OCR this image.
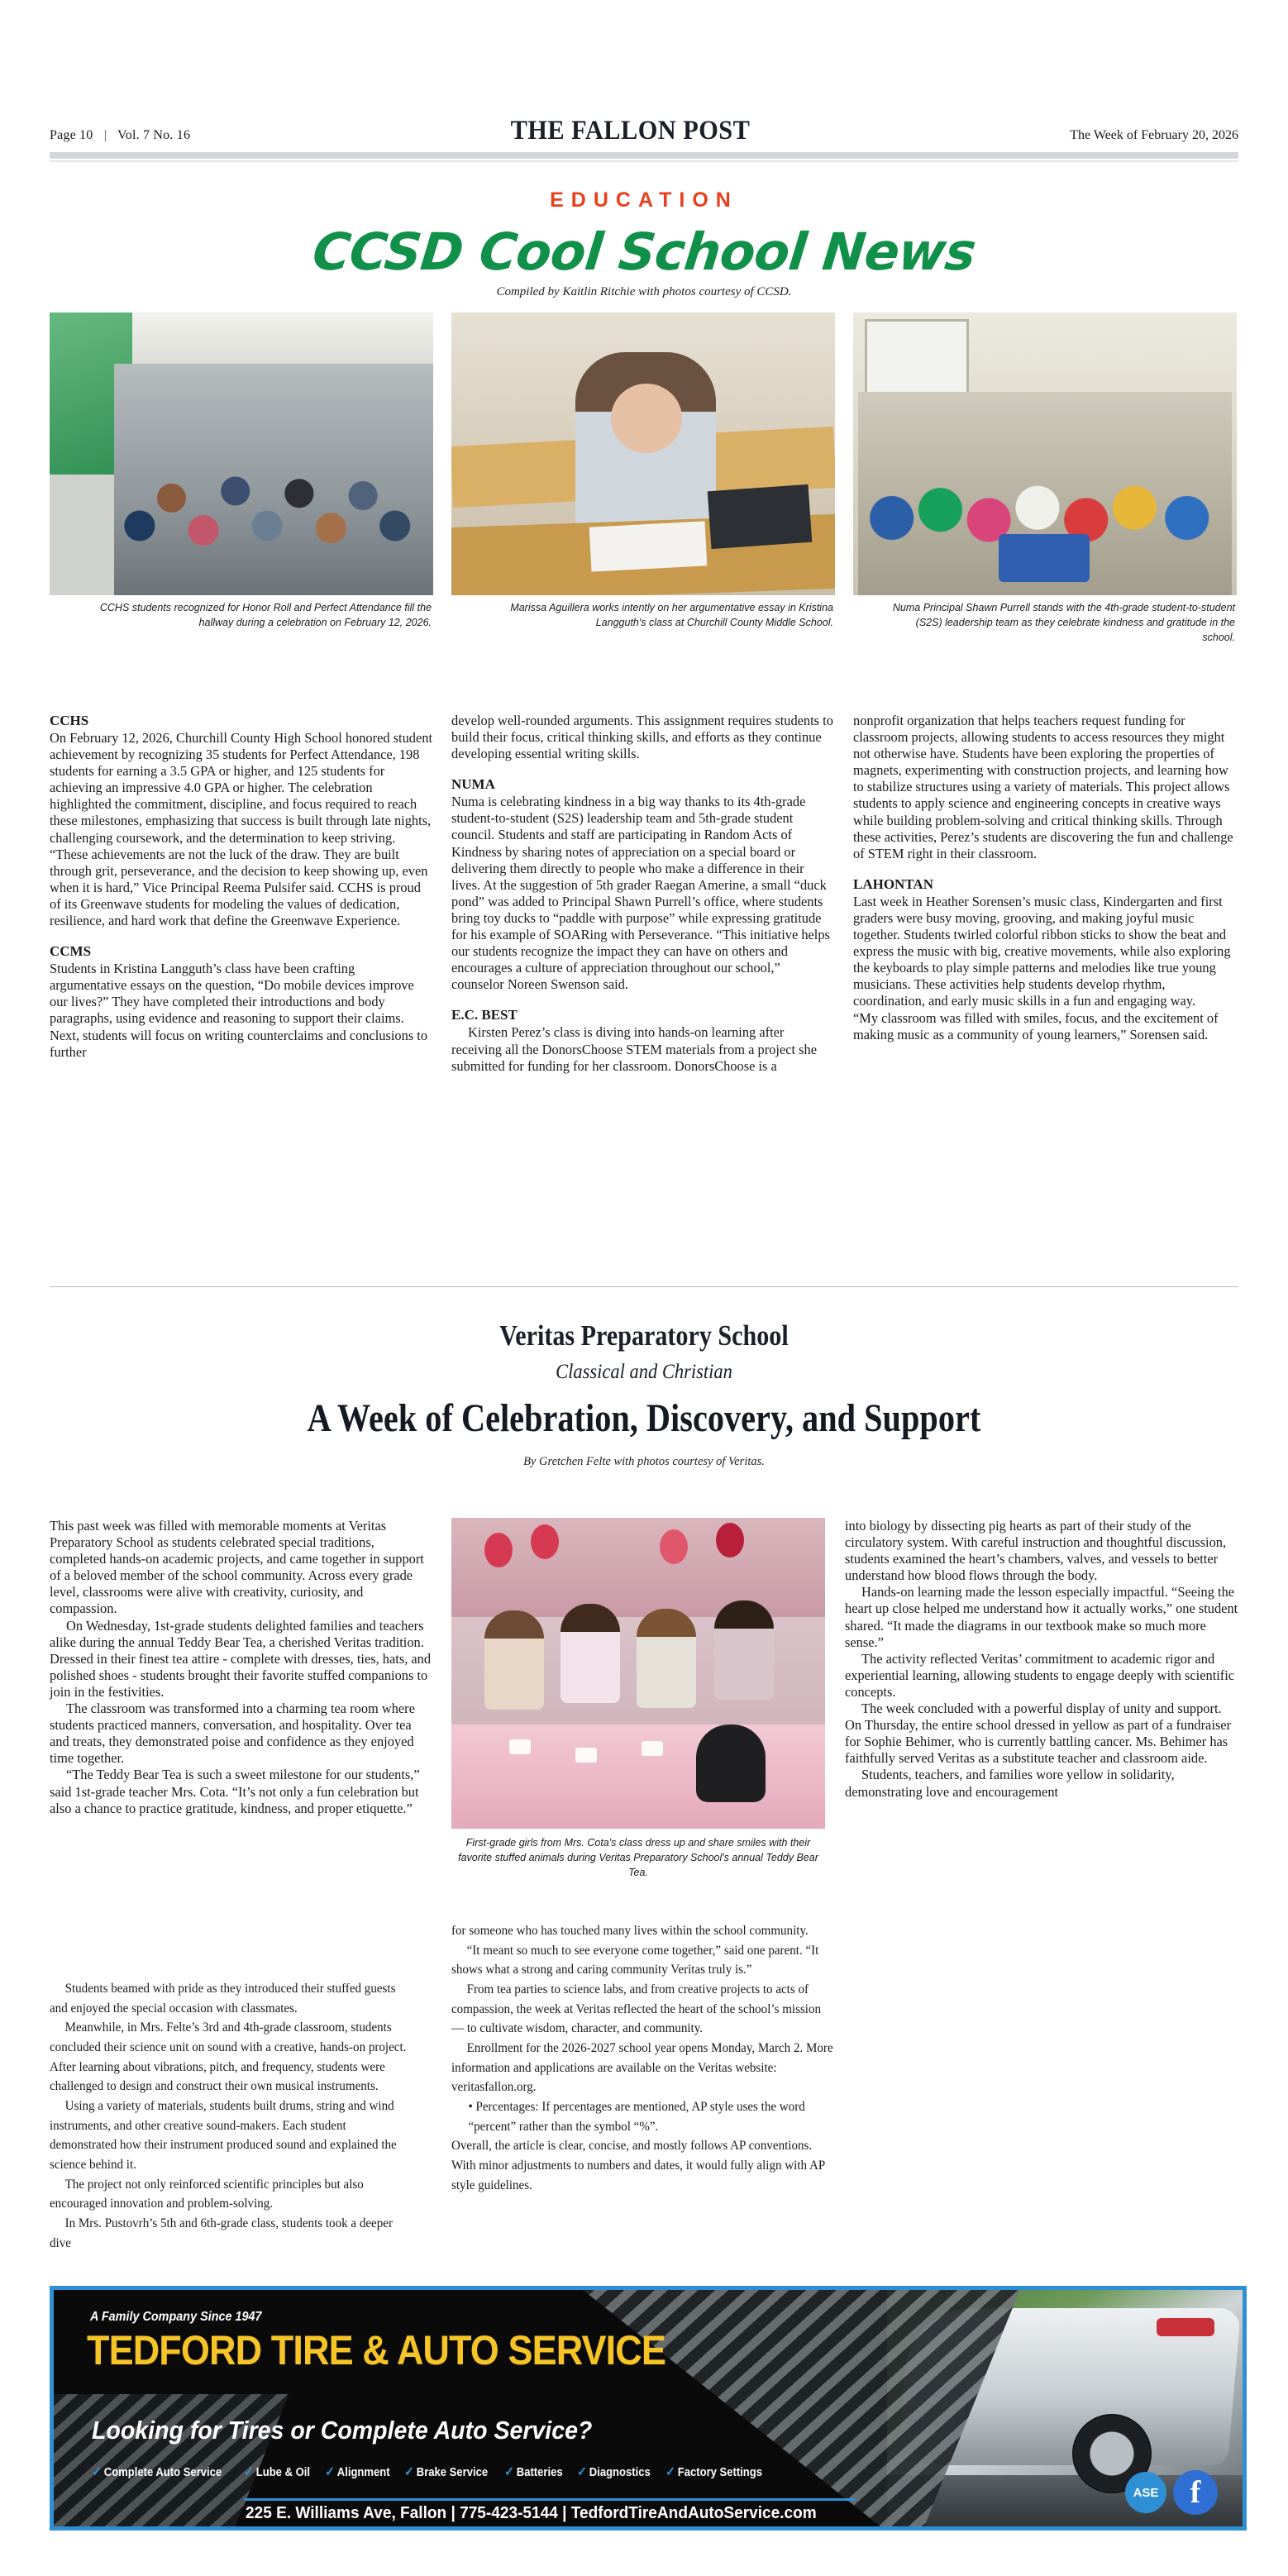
Page 10 | Vol. 7 No. 16	THE FALLON POST	The Week of February 20, 2026
EDUCATION
CCSD Cool School News
Compiled by Kaitlin Ritchie with photos courtesy of CCSD.
CCHS students recognized for Honor Roll and Perfect Attendance fill the hallway during a celebration on February 12, 2026.
Marissa Aguillera works intently on her argumentative essay in Kristina Langguth's class at Churchill County Middle School.
Numa Principal Shawn Purrell stands with the 4th-grade student-to-student (S2S) leadership team as they celebrate kindness and gratitude in the school.
CCHS

On February 12, 2026, Churchill County High School honored student achievement by recognizing 35 students for Perfect Attendance, 198 students for earning a 3.5 GPA or higher, and 125 students for achieving an impressive 4.0 GPA or higher. The celebration highlighted the commitment, discipline, and focus required to reach these milestones, emphasizing that success is built through late nights, challenging coursework, and the determination to keep striving. “These achievements are not the luck of the draw. They are built through grit, perseverance, and the decision to keep showing up, even when it is hard,” Vice Principal Reema Pulsifer said. CCHS is proud of its Greenwave students for modeling the values of dedication, resilience, and hard work that define the Greenwave Experience.

CCMS

Students in Kristina Langguth’s class have been crafting argumentative essays on the question, “Do mobile devices improve our lives?” They have completed their introductions and body paragraphs, using evidence and reasoning to support their claims. Next, students will focus on writing counterclaims and conclusions to further

develop well-rounded arguments. This assignment requires students to build their focus, critical thinking skills, and efforts as they continue developing essential writing skills.

NUMA

Numa is celebrating kindness in a big way thanks to its 4th-grade student-to-student (S2S) leadership team and 5th-grade student council. Students and staff are participating in Random Acts of Kindness by sharing notes of appreciation on a special board or delivering them directly to people who make a difference in their lives. At the suggestion of 5th grader Raegan Amerine, a small “duck pond” was added to Principal Shawn Purrell’s office, where students bring toy ducks to “paddle with purpose” while expressing gratitude for his example of SOARing with Perseverance. “This initiative helps our students recognize the impact they can have on others and encourages a culture of appreciation throughout our school,” counselor Noreen Swenson said.

E.C. BEST

Kirsten Perez’s class is diving into hands-on learning after receiving all the DonorsChoose STEM materials from a project she submitted for funding for her classroom. DonorsChoose is a

nonprofit organization that helps teachers request funding for classroom projects, allowing students to access resources they might not otherwise have. Students have been exploring the properties of magnets, experimenting with construction projects, and learning how to stabilize structures using a variety of materials. This project allows students to apply science and engineering concepts in creative ways while building problem-solving and critical thinking skills. Through these activities, Perez’s students are discovering the fun and challenge of STEM right in their classroom.

LAHONTAN

Last week in Heather Sorensen’s music class, Kindergarten and first graders were busy moving, grooving, and making joyful music together. Students twirled colorful ribbon sticks to show the beat and express the music with big, creative movements, while also exploring the keyboards to play simple patterns and melodies like true young musicians. These activities help students develop rhythm, coordination, and early music skills in a fun and engaging way.

“My classroom was filled with smiles, focus, and the excitement of making music as a community of young learners,” Sorensen said.

Veritas Preparatory School
Classical and Christian
A Week of Celebration, Discovery, and Support
By Gretchen Felte with photos courtesy of Veritas.

This past week was filled with memorable moments at Veritas Preparatory School as students celebrated special traditions, completed hands-on academic projects, and came together in support of a beloved member of the school community. Across every grade level, classrooms were alive with creativity, curiosity, and compassion.

On Wednesday, 1st-grade students delighted families and teachers alike during the annual Teddy Bear Tea, a cherished Veritas tradition. Dressed in their finest tea attire - complete with dresses, ties, hats, and polished shoes - students brought their favorite stuffed companions to join in the festivities.

The classroom was transformed into a charming tea room where students practiced manners, conversation, and hospitality. Over tea and treats, they demonstrated poise and confidence as they enjoyed time together.

“The Teddy Bear Tea is such a sweet milestone for our students,” said 1st-grade teacher Mrs. Cota. “It’s not only a fun celebration but also a chance to practice gratitude, kindness, and proper etiquette.”

First-grade girls from Mrs. Cota's class dress up and share smiles with their favorite stuffed animals during Veritas Preparatory School's annual Teddy Bear Tea.

into biology by dissecting pig hearts as part of their study of the circulatory system. With careful instruction and thoughtful discussion, students examined the heart’s chambers, valves, and vessels to better understand how blood flows through the body.

Hands-on learning made the lesson especially impactful. “Seeing the heart up close helped me understand how it actually works,” one student shared. “It made the diagrams in our textbook make so much more sense.”

The activity reflected Veritas’ commitment to academic rigor and experiential learning, allowing students to engage deeply with scientific concepts.

The week concluded with a powerful display of unity and support. On Thursday, the entire school dressed in yellow as part of a fundraiser for Sophie Behimer, who is currently battling cancer. Ms. Behimer has faithfully served Veritas as a substitute teacher and classroom aide.

Students, teachers, and families wore yellow in solidarity, demonstrating love and encouragement

Students beamed with pride as they introduced their stuffed guests and enjoyed the special occasion with classmates.

Meanwhile, in Mrs. Felte’s 3rd and 4th-grade classroom, students concluded their science unit on sound with a creative, hands-on project. After learning about vibrations, pitch, and frequency, students were challenged to design and construct their own musical instruments.

Using a variety of materials, students built drums, string and wind instruments, and other creative sound-makers. Each student demonstrated how their instrument produced sound and explained the science behind it.

The project not only reinforced scientific principles but also encouraged innovation and problem-solving.

In Mrs. Pustovrh’s 5th and 6th-grade class, students took a deeper dive

for someone who has touched many lives within the school community.

“It meant so much to see everyone come together,” said one parent. “It shows what a strong and caring community Veritas truly is.”

From tea parties to science labs, and from creative projects to acts of compassion, the week at Veritas reflected the heart of the school’s mission — to cultivate wisdom, character, and community.

Enrollment for the 2026-2027 school year opens Monday, March 2. More information and applications are available on the Veritas website: veritasfallon.org.

• Percentages: If percentages are mentioned, AP style uses the word “percent” rather than the symbol “%”.

Overall, the article is clear, concise, and mostly follows AP conventions. With minor adjustments to numbers and dates, it would fully align with AP style guidelines.

A Family Company Since 1947
TEDFORD TIRE & AUTO SERVICE
Looking for Tires or Complete Auto Service?
✓ Complete Auto Service ✓ Lube & Oil ✓ Alignment ✓ Brake Service ✓ Batteries ✓ Diagnostics ✓ Factory Settings
225 E. Williams Ave, Fallon | 775-423-5144 | TedfordTireAndAutoService.com
ASE	f
